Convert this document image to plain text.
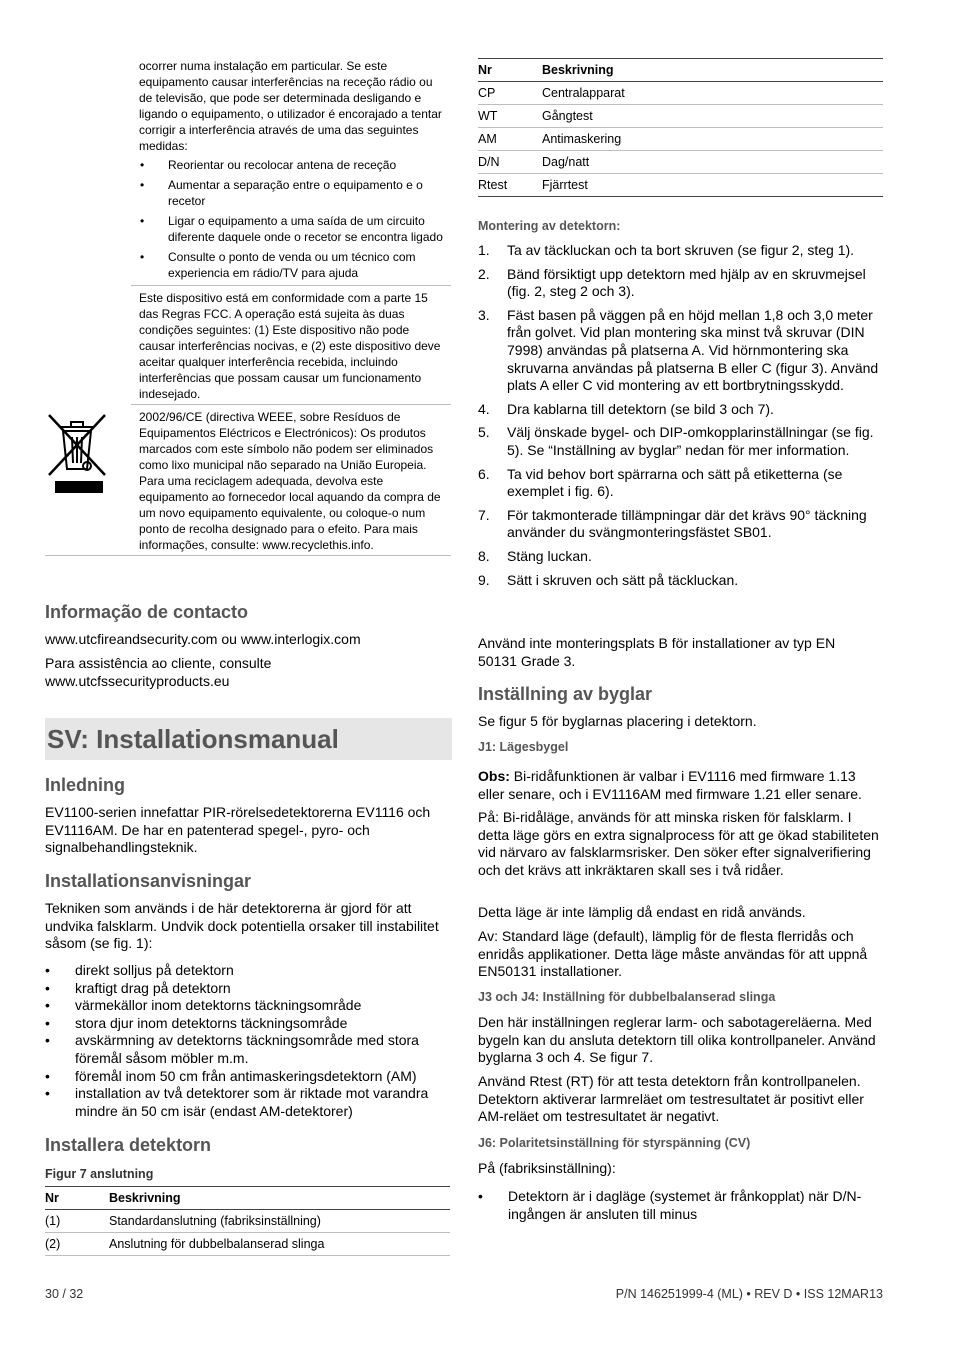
ocorrer numa instalação em particular. Se este equipamento causar interferências na receção rádio ou de televisão, que pode ser determinada desligando e ligando o equipamento, o utilizador é encorajado a tentar corrigir a interferência através de uma das seguintes medidas:
• Reorientar ou recolocar antena de receção
• Aumentar a separação entre o equipamento e o recetor
• Ligar o equipamento a uma saída de um circuito diferente daquele onde o recetor se encontra ligado
• Consulte o ponto de venda ou um técnico com experiencia em rádio/TV para ajuda
Este dispositivo está em conformidade com a parte 15 das Regras FCC. A operação está sujeita às duas condições seguintes: (1) Este dispositivo não pode causar interferências nocivas, e (2) este dispositivo deve aceitar qualquer interferência recebida, incluindo interferências que possam causar um funcionamento indesejado.
2002/96/CE (directiva WEEE, sobre Resíduos de Equipamentos Eléctricos e Electrónicos): Os produtos marcados com este símbolo não podem ser eliminados como lixo municipal não separado na União Europeia. Para uma reciclagem adequada, devolva este equipamento ao fornecedor local aquando da compra de um novo equipamento equivalente, ou coloque-o num ponto de recolha designado para o efeito. Para mais informações, consulte: www.recyclethis.info.
Informação de contacto

www.utcfireandsecurity.com ou www.interlogix.com

Para assistência ao cliente, consulte www.utcfssecurityproducts.eu

SV: Installationsmanual
Inledning

EV1100-serien innefattar PIR-rörelsedetektorerna EV1116 och EV1116AM. De har en patenterad spegel-, pyro- och signalbehandlingsteknik.

Installationsanvisningar

Tekniken som används i de här detektorerna är gjord för att undvika falsklarm. Undvik dock potentiella orsaker till instabilitet såsom (se fig. 1):

• direkt solljus på detektorn
• kraftigt drag på detektorn
• värmekällor inom detektorns täckningsområde
• stora djur inom detektorns täckningsområde
• avskärmning av detektorns täckningsområde med stora föremål såsom möbler m.m.
• föremål inom 50 cm från antimaskeringsdetektorn (AM)
• installation av två detektorer som är riktade mot varandra mindre än 50 cm isär (endast AM-detektorer)
Installera detektorn
Figur 7 anslutning
Nr	Beskrivning
(1)	Standardanslutning (fabriksinställning)
(2)	Anslutning för dubbelbalanserad slinga
Nr	Beskrivning
CP	Centralapparat
WT	Gångtest
AM	Antimaskering
D/N	Dag/natt
Rtest	Fjärrtest
Montering av detektorn:
1. Ta av täckluckan och ta bort skruven (se figur 2, steg 1).
2. Bänd försiktigt upp detektorn med hjälp av en skruvmejsel (fig. 2, steg 2 och 3).
3. Fäst basen på väggen på en höjd mellan 1,8 och 3,0 meter från golvet. Vid plan montering ska minst två skruvar (DIN 7998) användas på platserna A. Vid hörnmontering ska skruvarna användas på platserna B eller C (figur 3). Använd plats A eller C vid montering av ett bortbrytningsskydd.
4. Dra kablarna till detektorn (se bild 3 och 7).
5. Välj önskade bygel- och DIP-omkopplarinställningar (se fig. 5). Se “Inställning av byglar” nedan för mer information.
6. Ta vid behov bort spärrarna och sätt på etiketterna (se exemplet i fig. 6).
7. För takmonterade tillämpningar där det krävs 90° täckning använder du svängmonteringsfästet SB01.
8. Stäng luckan.
9. Sätt i skruven och sätt på täckluckan.

Använd inte monteringsplats B för installationer av typ EN 50131 Grade 3.

Inställning av byglar

Se figur 5 för byglarnas placering i detektorn.

J1: Lägesbygel

Obs: Bi-ridåfunktionen är valbar i EV1116 med firmware 1.13 eller senare, och i EV1116AM med firmware 1.21 eller senare.

På: Bi-ridåläge, används för att minska risken för falsklarm. I detta läge görs en extra signalprocess för att ge ökad stabiliteten vid närvaro av falsklarmsrisker. Den söker efter signalverifiering och det krävs att inkräktaren skall ses i två ridåer.

Detta läge är inte lämplig då endast en ridå används.

Av: Standard läge (default), lämplig för de flesta flerridås och enridås applikationer. Detta läge måste användas för att uppnå EN50131 installationer.

J3 och J4: Inställning för dubbelbalanserad slinga

Den här inställningen reglerar larm- och sabotagereläerna. Med bygeln kan du ansluta detektorn till olika kontrollpaneler. Använd byglarna 3 och 4. Se figur 7.

Använd Rtest (RT) för att testa detektorn från kontrollpanelen. Detektorn aktiverar larmreläet om testresultatet är positivt eller AM-reläet om testresultatet är negativt.

J6: Polaritetsinställning för styrspänning (CV)

På (fabriksinställning):

• Detektorn är i dagläge (systemet är frånkopplat) när D/N-ingången är ansluten till minus
30 / 32	P/N 146251999-4 (ML) • REV D • ISS 12MAR13
